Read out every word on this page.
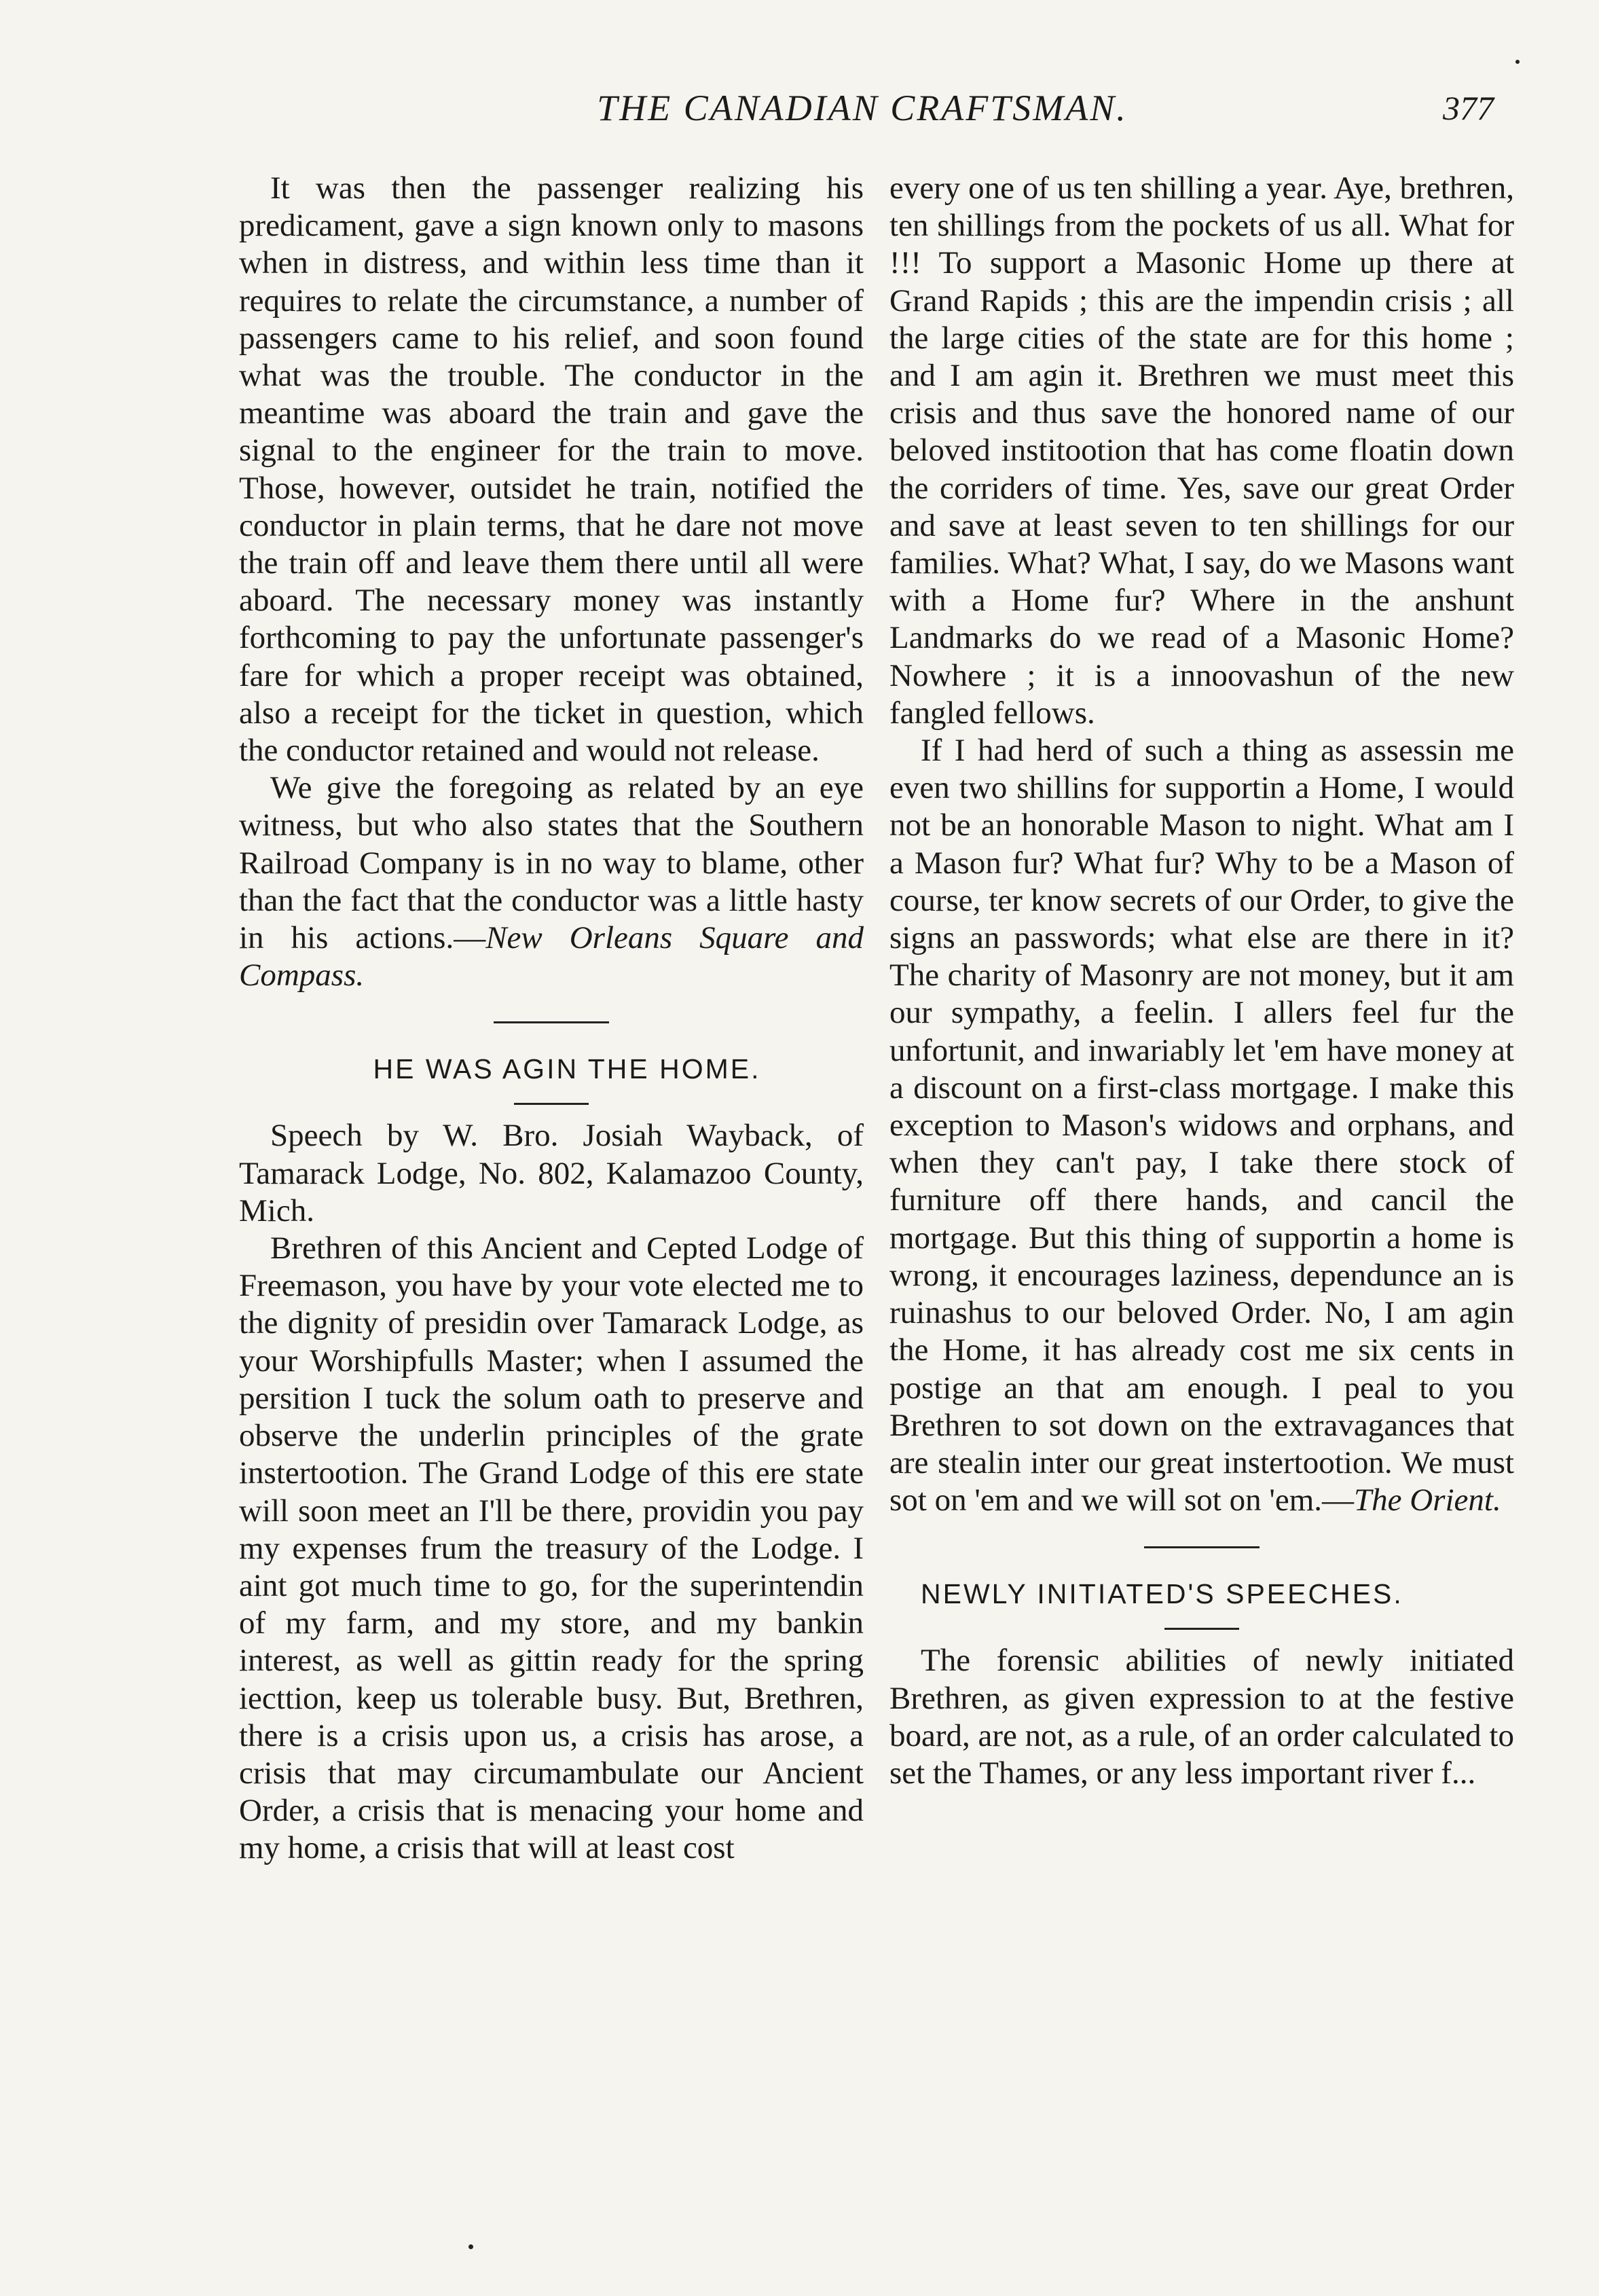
THE CANADIAN CRAFTSMAN.	377

It was then the passenger realizing his predicament, gave a sign known only to masons when in distress, and within less time than it requires to relate the circumstance, a number of passengers came to his relief, and soon found what was the trouble. The conductor in the meantime was aboard the train and gave the signal to the engineer for the train to move. Those, however, outsidet he train, notified the conductor in plain terms, that he dare not move the train off and leave them there until all were aboard. The necessary money was instantly forthcoming to pay the unfortunate passenger's fare for which a proper receipt was obtained, also a receipt for the ticket in question, which the conductor retained and would not release.

We give the foregoing as related by an eye witness, but who also states that the Southern Railroad Company is in no way to blame, other than the fact that the conductor was a little hasty in his actions.—New Orleans Square and Compass.

HE WAS AGIN THE HOME.

Speech by W. Bro. Josiah Wayback, of Tamarack Lodge, No. 802, Kalamazoo County, Mich.

Brethren of this Ancient and Cepted Lodge of Freemason, you have by your vote elected me to the dignity of presidin over Tamarack Lodge, as your Worshipfulls Master; when I assumed the persition I tuck the solum oath to preserve and observe the underlin principles of the grate instertootion. The Grand Lodge of this ere state will soon meet an I'll be there, providin you pay my expenses frum the treasury of the Lodge. I aint got much time to go, for the superintendin of my farm, and my store, and my bankin interest, as well as gittin ready for the spring iecttion, keep us tolerable busy. But, Brethren, there is a crisis upon us, a crisis has arose, a crisis that may circumambulate our Ancient Order, a crisis that is menacing your home and my home, a crisis that will at least cost

every one of us ten shilling a year. Aye, brethren, ten shillings from the pockets of us all. What for !!! To support a Masonic Home up there at Grand Rapids ; this are the impendin crisis ; all the large cities of the state are for this home ; and I am agin it. Brethren we must meet this crisis and thus save the honored name of our beloved institootion that has come floatin down the corriders of time. Yes, save our great Order and save at least seven to ten shillings for our families. What? What, I say, do we Masons want with a Home fur? Where in the anshunt Landmarks do we read of a Masonic Home? Nowhere ; it is a innoovashun of the new fangled fellows.

If I had herd of such a thing as assessin me even two shillins for supportin a Home, I would not be an honorable Mason to night. What am I a Mason fur? What fur? Why to be a Mason of course, ter know secrets of our Order, to give the signs an passwords; what else are there in it? The charity of Masonry are not money, but it am our sympathy, a feelin. I allers feel fur the unfortunit, and inwariably let 'em have money at a discount on a first-class mortgage. I make this exception to Mason's widows and orphans, and when they can't pay, I take there stock of furniture off there hands, and cancil the mortgage. But this thing of supportin a home is wrong, it encourages laziness, dependunce an is ruinashus to our beloved Order. No, I am agin the Home, it has already cost me six cents in postige an that am enough. I peal to you Brethren to sot down on the extravagances that are stealin inter our great instertootion. We must sot on 'em and we will sot on 'em.—The Orient.

NEWLY INITIATED'S SPEECHES.

The forensic abilities of newly initiated Brethren, as given expression to at the festive board, are not, as a rule, of an order calculated to set the Thames, or any less important river f...
